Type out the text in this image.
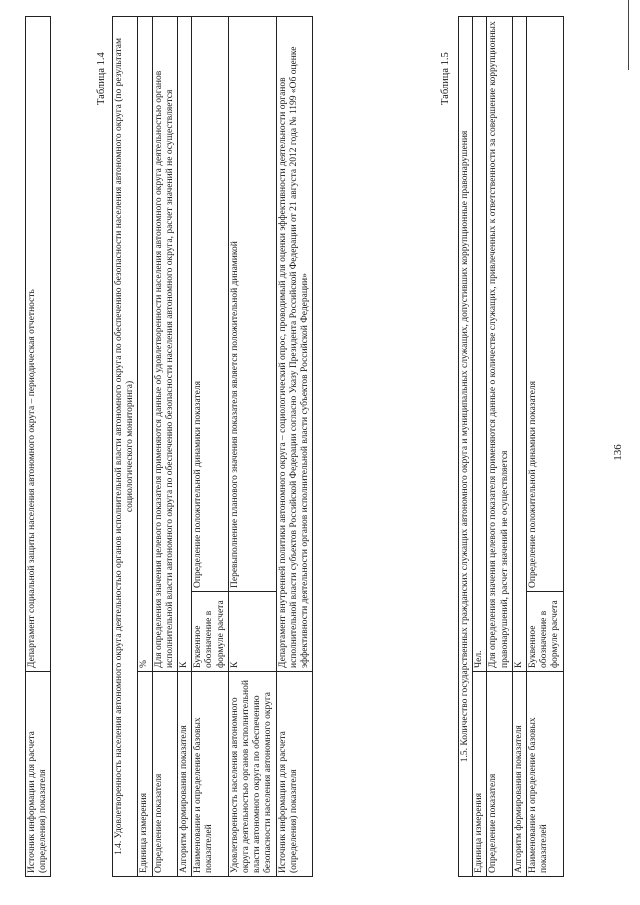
136
Источник информации для расчета (определения) показателя	Департамент социальной защиты населения автономного округа – периодическая отчетность
Таблица 1.4 1.4. Удовлетворенность населения автономного округа деятельностью органов исполнительной власти автономного округа по обеспечению безопасности населения автономного округа (по результатам социологического мониторинга)		
Единица измерения	%	
Определение показателя	Для определения значения целевого показателя применяются данные об удовлетворенности населения автономного округа деятельностью органов исполнительной власти автономного округа по обеспечению безопасности населения автономного округа, расчет значений не осуществляется	
Алгоритм формирования показателя	К	
Наименование и определение базовых показателей	Буквенное обозначение в формуле расчета	Определение положительной динамики показателя
Удовлетворенность населения автономного округа деятельностью органов исполнительной власти автономного округа по обеспечению безопасности населения автономного округа	К	Перевыполнение планового значения показателя является положительной динамикой
Источник информации для расчета (определения) показателя	Департамент внутренней политики автономного округа – социологический опрос, проводимый для оценки эффективности деятельности органов исполнительной власти субъектов Российской Федерации согласно Указу Президента Российской Федерации от 21 августа 2012 года № 1199 «Об оценке эффективности деятельности органов исполнительной власти субъектов Российской Федерации»	
Таблица 1.5
1.5. Количество государственных гражданских служащих автономного округа и муниципальных служащих, допустивших коррупционные правонарушения		
Единица измерения	Чел.	
Определение показателя	Для определения значения целевого показателя применяются данные о количестве служащих, привлеченных к ответственности за совершение коррупционных правонарушений, расчет значений не осуществляется	
Алгоритм формирования показателя	К	
Наименование и определение базовых показателей	Буквенное обозначение в формуле расчета	Определение положительной динамики показателя
